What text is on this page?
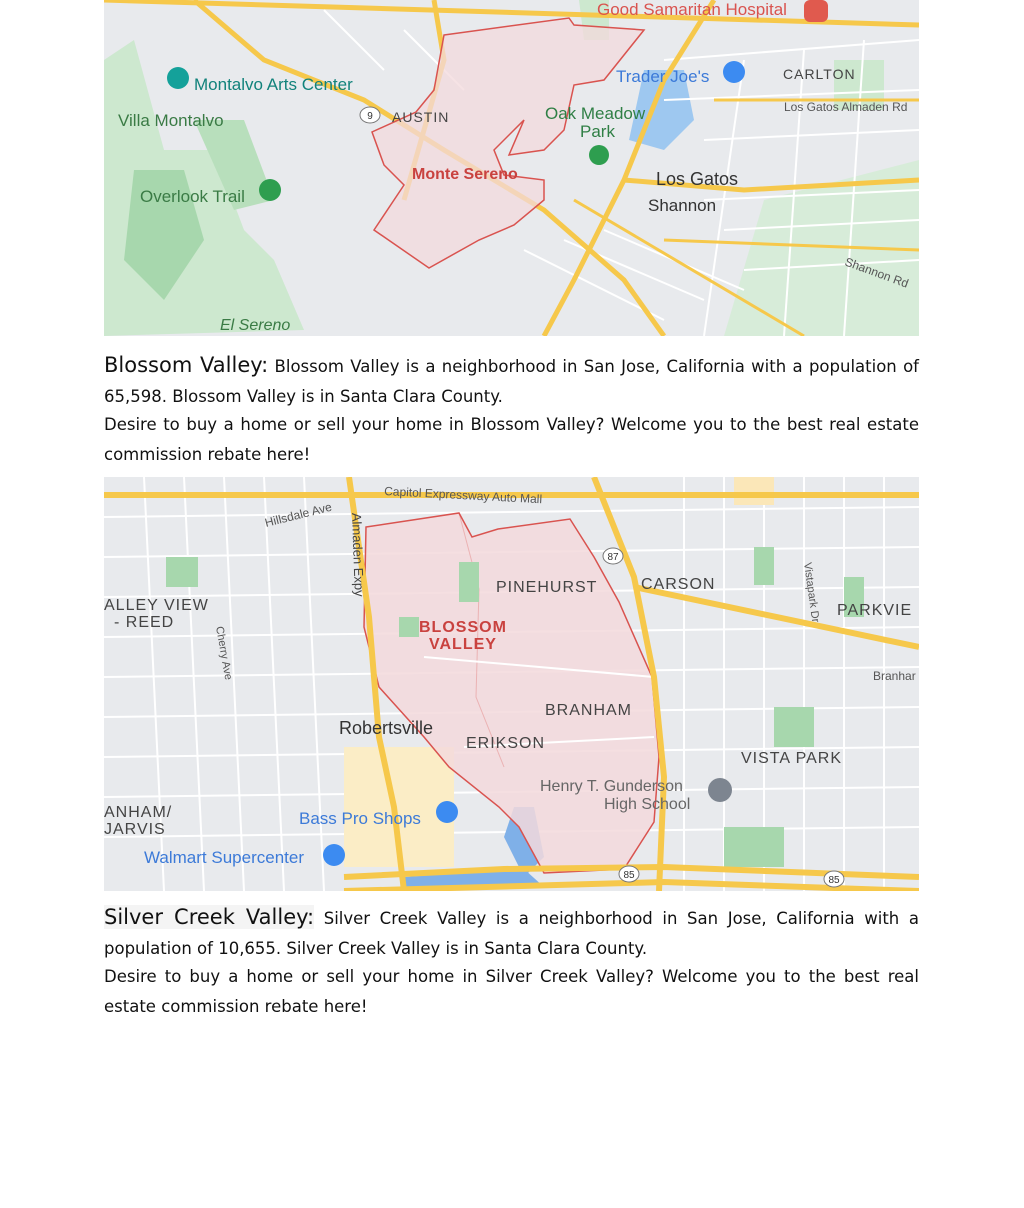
9
Good Samaritan Hospital
Montalvo Arts Center
Villa Montalvo
Overlook Trail
El Sereno
AUSTIN
Monte Sereno
Oak Meadow
Park
Trader Joe's	CARLTON
Los Gatos Almaden Rd
Los Gatos
Shannon
Shannon Rd

Blossom Valley: Blossom Valley is a neighborhood in San Jose, California with a population of 65,598. Blossom Valley is in Santa Clara County.

Desire to buy a home or sell your home in Blossom Valley? Welcome you to the best real estate commission rebate here!

87
85	85
Capitol Expressway Auto Mall
Hillsdale Ave Almaden Expy	PINEHURST	CARSON
PARKVIE
Vistapark Dr
ALLEY VIEW
- REED
Cherry Ave	BLOSSOM
VALLEY
Branhar
BRANHAM
Robertsville
ERIKSON
VISTA PARK
Henry T. Gunderson
High School
ANHAM/
JARVIS
Bass Pro Shops
Walmart Supercenter

Silver Creek Valley: Silver Creek Valley is a neighborhood in San Jose, California with a population of 10,655. Silver Creek Valley is in Santa Clara County.

Desire to buy a home or sell your home in Silver Creek Valley? Welcome you to the best real estate commission rebate here!
